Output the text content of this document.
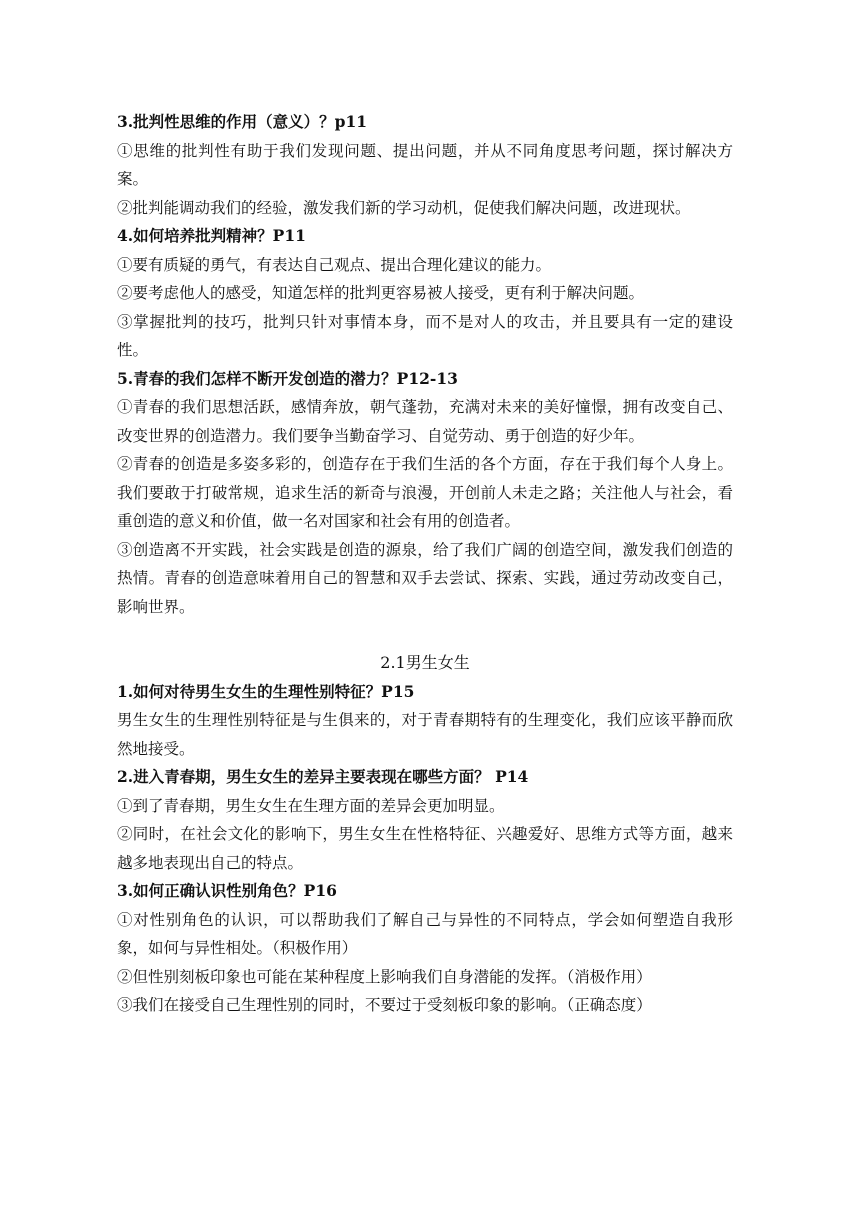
3.批判性思维的作用（意义）？p11
①思维的批判性有助于我们发现问题、提出问题，并从不同角度思考问题，探讨解决方案。
②批判能调动我们的经验，激发我们新的学习动机，促使我们解决问题，改进现状。
4.如何培养批判精神？P11
①要有质疑的勇气，有表达自己观点、提出合理化建议的能力。
②要考虑他人的感受，知道怎样的批判更容易被人接受，更有利于解决问题。
③掌握批判的技巧，批判只针对事情本身，而不是对人的攻击，并且要具有一定的建设性。
5.青春的我们怎样不断开发创造的潜力？P12-13
①青春的我们思想活跃，感情奔放，朝气蓬勃，充满对未来的美好憧憬，拥有改变自己、改变世界的创造潜力。我们要争当勤奋学习、自觉劳动、勇于创造的好少年。
②青春的创造是多姿多彩的，创造存在于我们生活的各个方面，存在于我们每个人身上。我们要敢于打破常规，追求生活的新奇与浪漫，开创前人未走之路；关注他人与社会，看重创造的意义和价值，做一名对国家和社会有用的创造者。
③创造离不开实践，社会实践是创造的源泉，给了我们广阔的创造空间，激发我们创造的热情。青春的创造意味着用自己的智慧和双手去尝试、探索、实践，通过劳动改变自己，影响世界。
2.1男生女生
1.如何对待男生女生的生理性别特征？P15
男生女生的生理性别特征是与生俱来的，对于青春期特有的生理变化，我们应该平静而欣然地接受。
2.进入青春期，男生女生的差异主要表现在哪些方面？ P14
①到了青春期，男生女生在生理方面的差异会更加明显。
②同时，在社会文化的影响下，男生女生在性格特征、兴趣爱好、思维方式等方面，越来越多地表现出自己的特点。
3.如何正确认识性别角色？P16
①对性别角色的认识，可以帮助我们了解自己与异性的不同特点，学会如何塑造自我形象，如何与异性相处。（积极作用）
②但性别刻板印象也可能在某种程度上影响我们自身潜能的发挥。（消极作用）
③我们在接受自己生理性别的同时，不要过于受刻板印象的影响。（正确态度）
